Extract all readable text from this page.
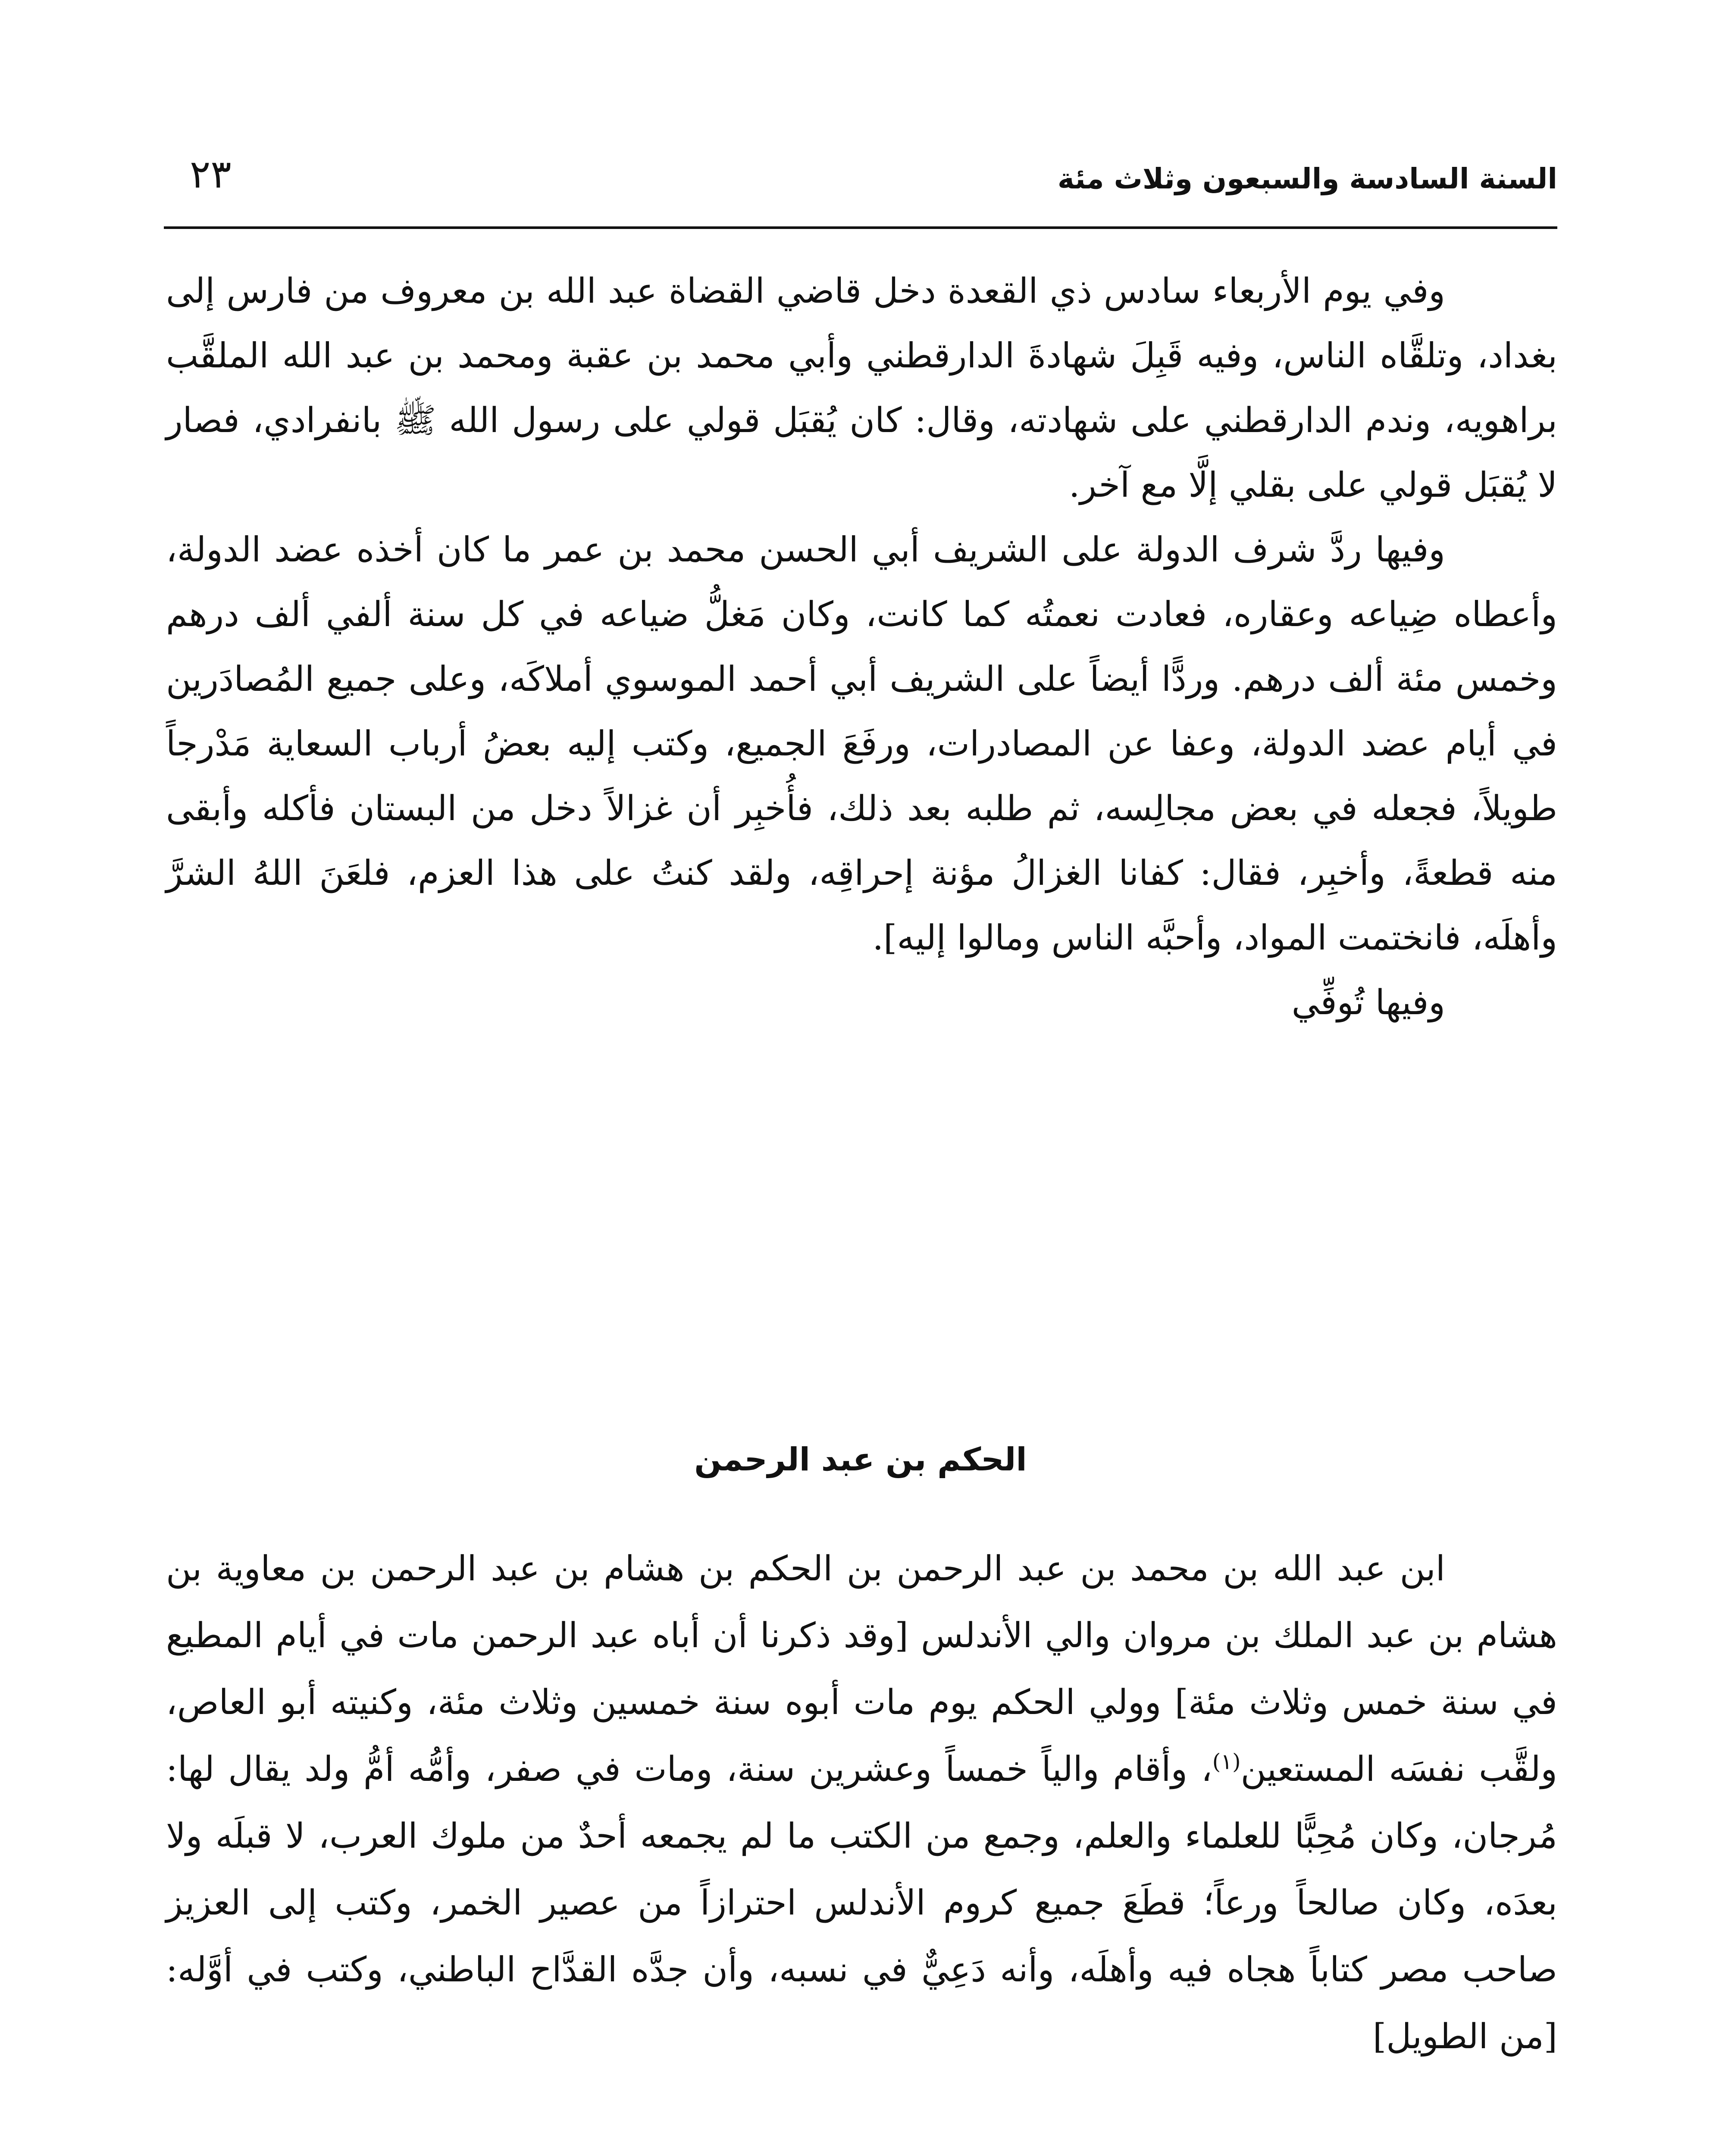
السنة السادسة والسبعون وثلاث مئة
٢٣

وفي يوم الأربعاء سادس ذي القعدة دخل قاضي القضاة عبد الله بن معروف من فارس إلى بغداد، وتلقَّاه الناس، وفيه قَبِلَ شهادةَ الدارقطني وأبي محمد بن عقبة ومحمد بن عبد الله الملقَّب براهويه، وندم الدارقطني على شهادته، وقال: كان يُقبَل قولي على رسول الله ﷺ بانفرادي، فصار لا يُقبَل قولي على بقلي إلَّا مع آخر.

وفيها ردَّ شرف الدولة على الشريف أبي الحسن محمد بن عمر ما كان أخذه عضد الدولة، وأعطاه ضِياعه وعقاره، فعادت نعمتُه كما كانت، وكان مَغلُّ ضياعه في كل سنة ألفي ألف درهم وخمس مئة ألف درهم. وردًّا أيضاً على الشريف أبي أحمد الموسوي أملاكَه، وعلى جميع المُصادَرين في أيام عضد الدولة، وعفا عن المصادرات، ورفَعَ الجميع، وكتب إليه بعضُ أرباب السعاية مَدْرجاً طويلاً، فجعله في بعض مجالِسه، ثم طلبه بعد ذلك، فأُخبِر أن غزالاً دخل من البستان فأكله وأبقى منه قطعةً، وأخبِر، فقال: كفانا الغزالُ مؤنة إحراقِه، ولقد كنتُ على هذا العزم، فلعَنَ اللهُ الشرَّ وأهلَه، فانختمت المواد، وأحبَّه الناس ومالوا إليه].

وفيها تُوفِّي

الحكم بن عبد الرحمن

ابن عبد الله بن محمد بن عبد الرحمن بن الحكم بن هشام بن عبد الرحمن بن معاوية بن هشام بن عبد الملك بن مروان والي الأندلس [وقد ذكرنا أن أباه عبد الرحمن مات في أيام المطيع في سنة خمس وثلاث مئة] وولي الحكم يوم مات أبوه سنة خمسين وثلاث مئة، وكنيته أبو العاص، ولقَّب نفسَه المستعين$^{(١)}$، وأقام والياً خمساً وعشرين سنة، ومات في صفر، وأمُّه أمُّ ولد يقال لها: مُرجان، وكان مُحِبًّا للعلماء والعلم، وجمع من الكتب ما لم يجمعه أحدٌ من ملوك العرب، لا قبلَه ولا بعدَه، وكان صالحاً ورعاً؛ قطَعَ جميع كروم الأندلس احترازاً من عصير الخمر، وكتب إلى العزيز صاحب مصر كتاباً هجاه فيه وأهلَه، وأنه دَعِيٌّ في نسبه، وأن جدَّه القدَّاح الباطني، وكتب في أوَّله: [من الطويل]
